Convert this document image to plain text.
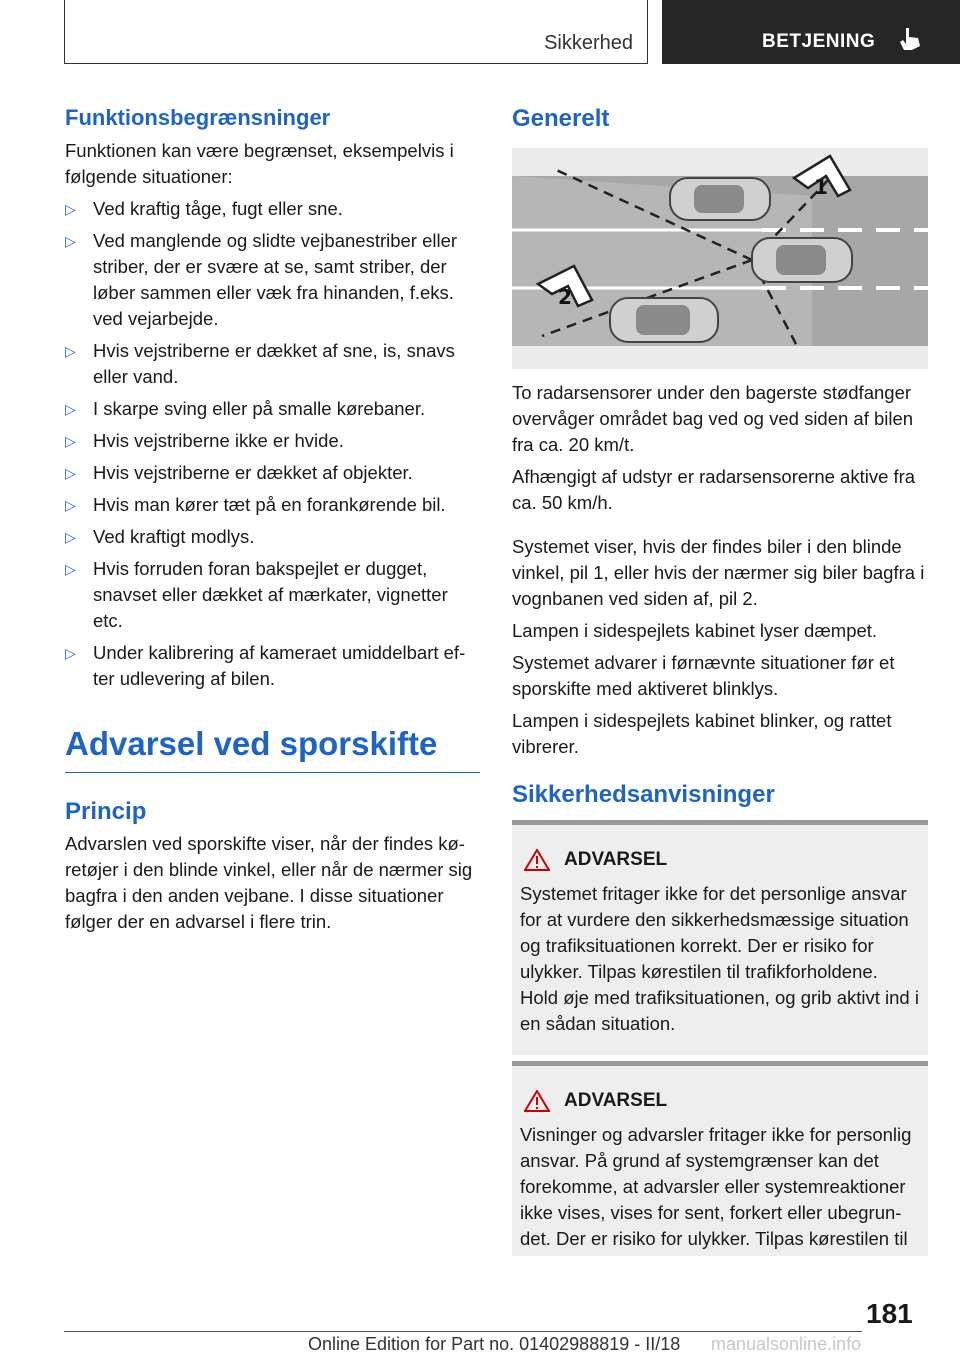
Sikkerhed	BETJENING
Funktionsbegrænsninger

Funktionen kan være begrænset, eksempelvis i følgende situationer:

▷ Ved kraftig tåge, fugt eller sne.
▷ Ved manglende og slidte vejbanestriber eller striber, der er svære at se, samt striber, der løber sammen eller væk fra hinanden, f.eks. ved vejarbejde.
▷ Hvis vejstriberne er dækket af sne, is, snavs eller vand.
▷ I skarpe sving eller på smalle kørebaner.
▷ Hvis vejstriberne ikke er hvide.
▷ Hvis vejstriberne er dækket af objekter.
▷ Hvis man kører tæt på en forankørende bil.
▷ Ved kraftigt modlys.
▷ Hvis forruden foran bakspejlet er dugget, snavset eller dækket af mærkater, vignetter etc.
▷ Under kalibrering af kameraet umiddelbart ef-ter udlevering af bilen.
Advarsel ved sporskifte
Princip

Advarslen ved sporskifte viser, når der findes kø-retøjer i den blinde vinkel, eller når de nærmer sig bagfra i den anden vejbane. I disse situationer følger der en advarsel i flere trin.

Generelt
1
2

To radarsensorer under den bagerste stødfanger overvåger området bag ved og ved siden af bilen fra ca. 20 km/t.

Afhængigt af udstyr er radarsensorerne aktive fra ca. 50 km/h.

Systemet viser, hvis der findes biler i den blinde vinkel, pil 1, eller hvis der nærmer sig biler bagfra i vognbanen ved siden af, pil 2.

Lampen i sidespejlets kabinet lyser dæmpet.

Systemet advarer i førnævnte situationer før et sporskifte med aktiveret blinklys.

Lampen i sidespejlets kabinet blinker, og rattet vibrerer.

Sikkerhedsanvisninger
ADVARSEL
Systemet fritager ikke for det personlige ansvar for at vurdere den sikkerhedsmæssige situation og trafiksituationen korrekt. Der er risiko for ulykker. Tilpas kørestilen til trafikforholdene. Hold øje med trafiksituationen, og grib aktivt ind i en sådan situation.
ADVARSEL
Visninger og advarsler fritager ikke for personlig ansvar. På grund af systemgrænser kan det forekomme, at advarsler eller systemreaktioner ikke vises, vises for sent, forkert eller ubegrun-det. Der er risiko for ulykker. Tilpas kørestilen til
181
Online Edition for Part no. 01402988819 - II/18 manualsonline.info
